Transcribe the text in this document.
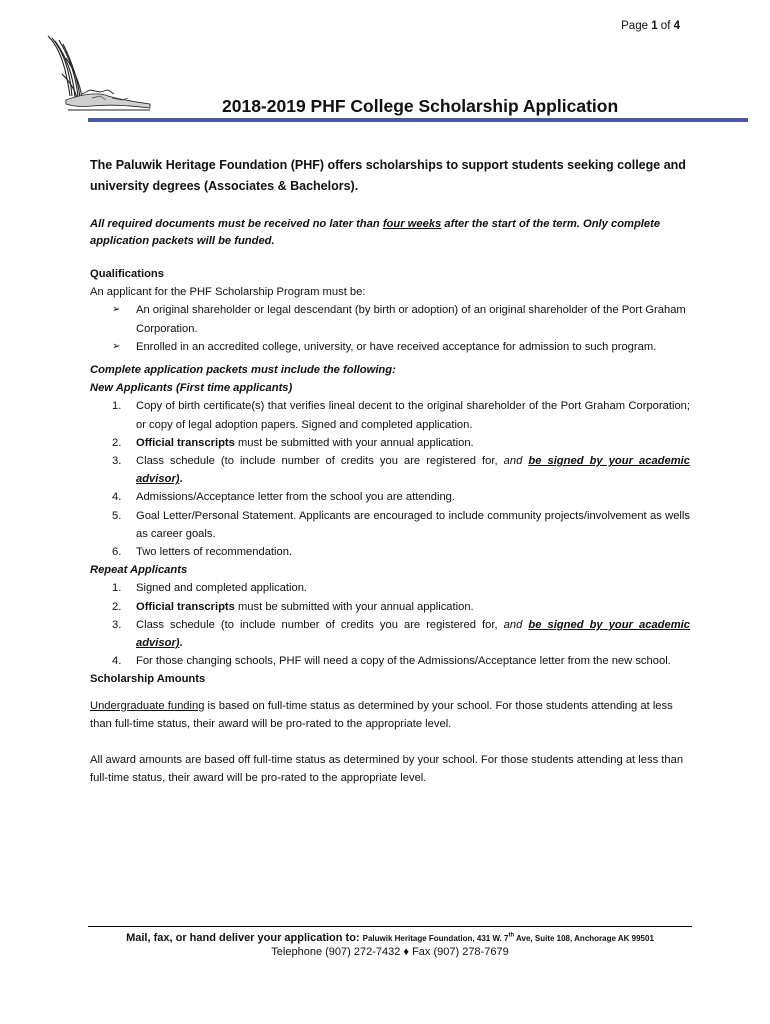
Page 1 of 4
2018-2019 PHF College Scholarship Application
The Paluwik Heritage Foundation (PHF) offers scholarships to support students seeking college and university degrees (Associates & Bachelors).
All required documents must be received no later than four weeks after the start of the term. Only complete application packets will be funded.

Qualifications

An applicant for the PHF Scholarship Program must be:

➢ An original shareholder or legal descendant (by birth or adoption) of an original shareholder of the Port Graham Corporation.
➢ Enrolled in an accredited college, university, or have received acceptance for admission to such program.

Complete application packets must include the following:

New Applicants (First time applicants)

1. Copy of birth certificate(s) that verifies lineal decent to the original shareholder of the Port Graham Corporation; or copy of legal adoption papers. Signed and completed application.
2. Official transcripts must be submitted with your annual application.
3. Class schedule (to include number of credits you are registered for, and be signed by your academic advisor).
4. Admissions/Acceptance letter from the school you are attending.
5. Goal Letter/Personal Statement. Applicants are encouraged to include community projects/involvement as wells as career goals.
6. Two letters of recommendation.

Repeat Applicants

1. Signed and completed application.
2. Official transcripts must be submitted with your annual application.
3. Class schedule (to include number of credits you are registered for, and be signed by your academic advisor).
4. For those changing schools, PHF will need a copy of the Admissions/Acceptance letter from the new school.

Scholarship Amounts

Undergraduate funding is based on full-time status as determined by your school. For those students attending at less than full-time status, their award will be pro-rated to the appropriate level.

All award amounts are based off full-time status as determined by your school. For those students attending at less than full-time status, their award will be pro-rated to the appropriate level.

Mail, fax, or hand deliver your application to: Paluwik Heritage Foundation, 431 W. 7th Ave, Suite 108, Anchorage AK 99501
Telephone (907) 272-7432 ♦ Fax (907) 278-7679
